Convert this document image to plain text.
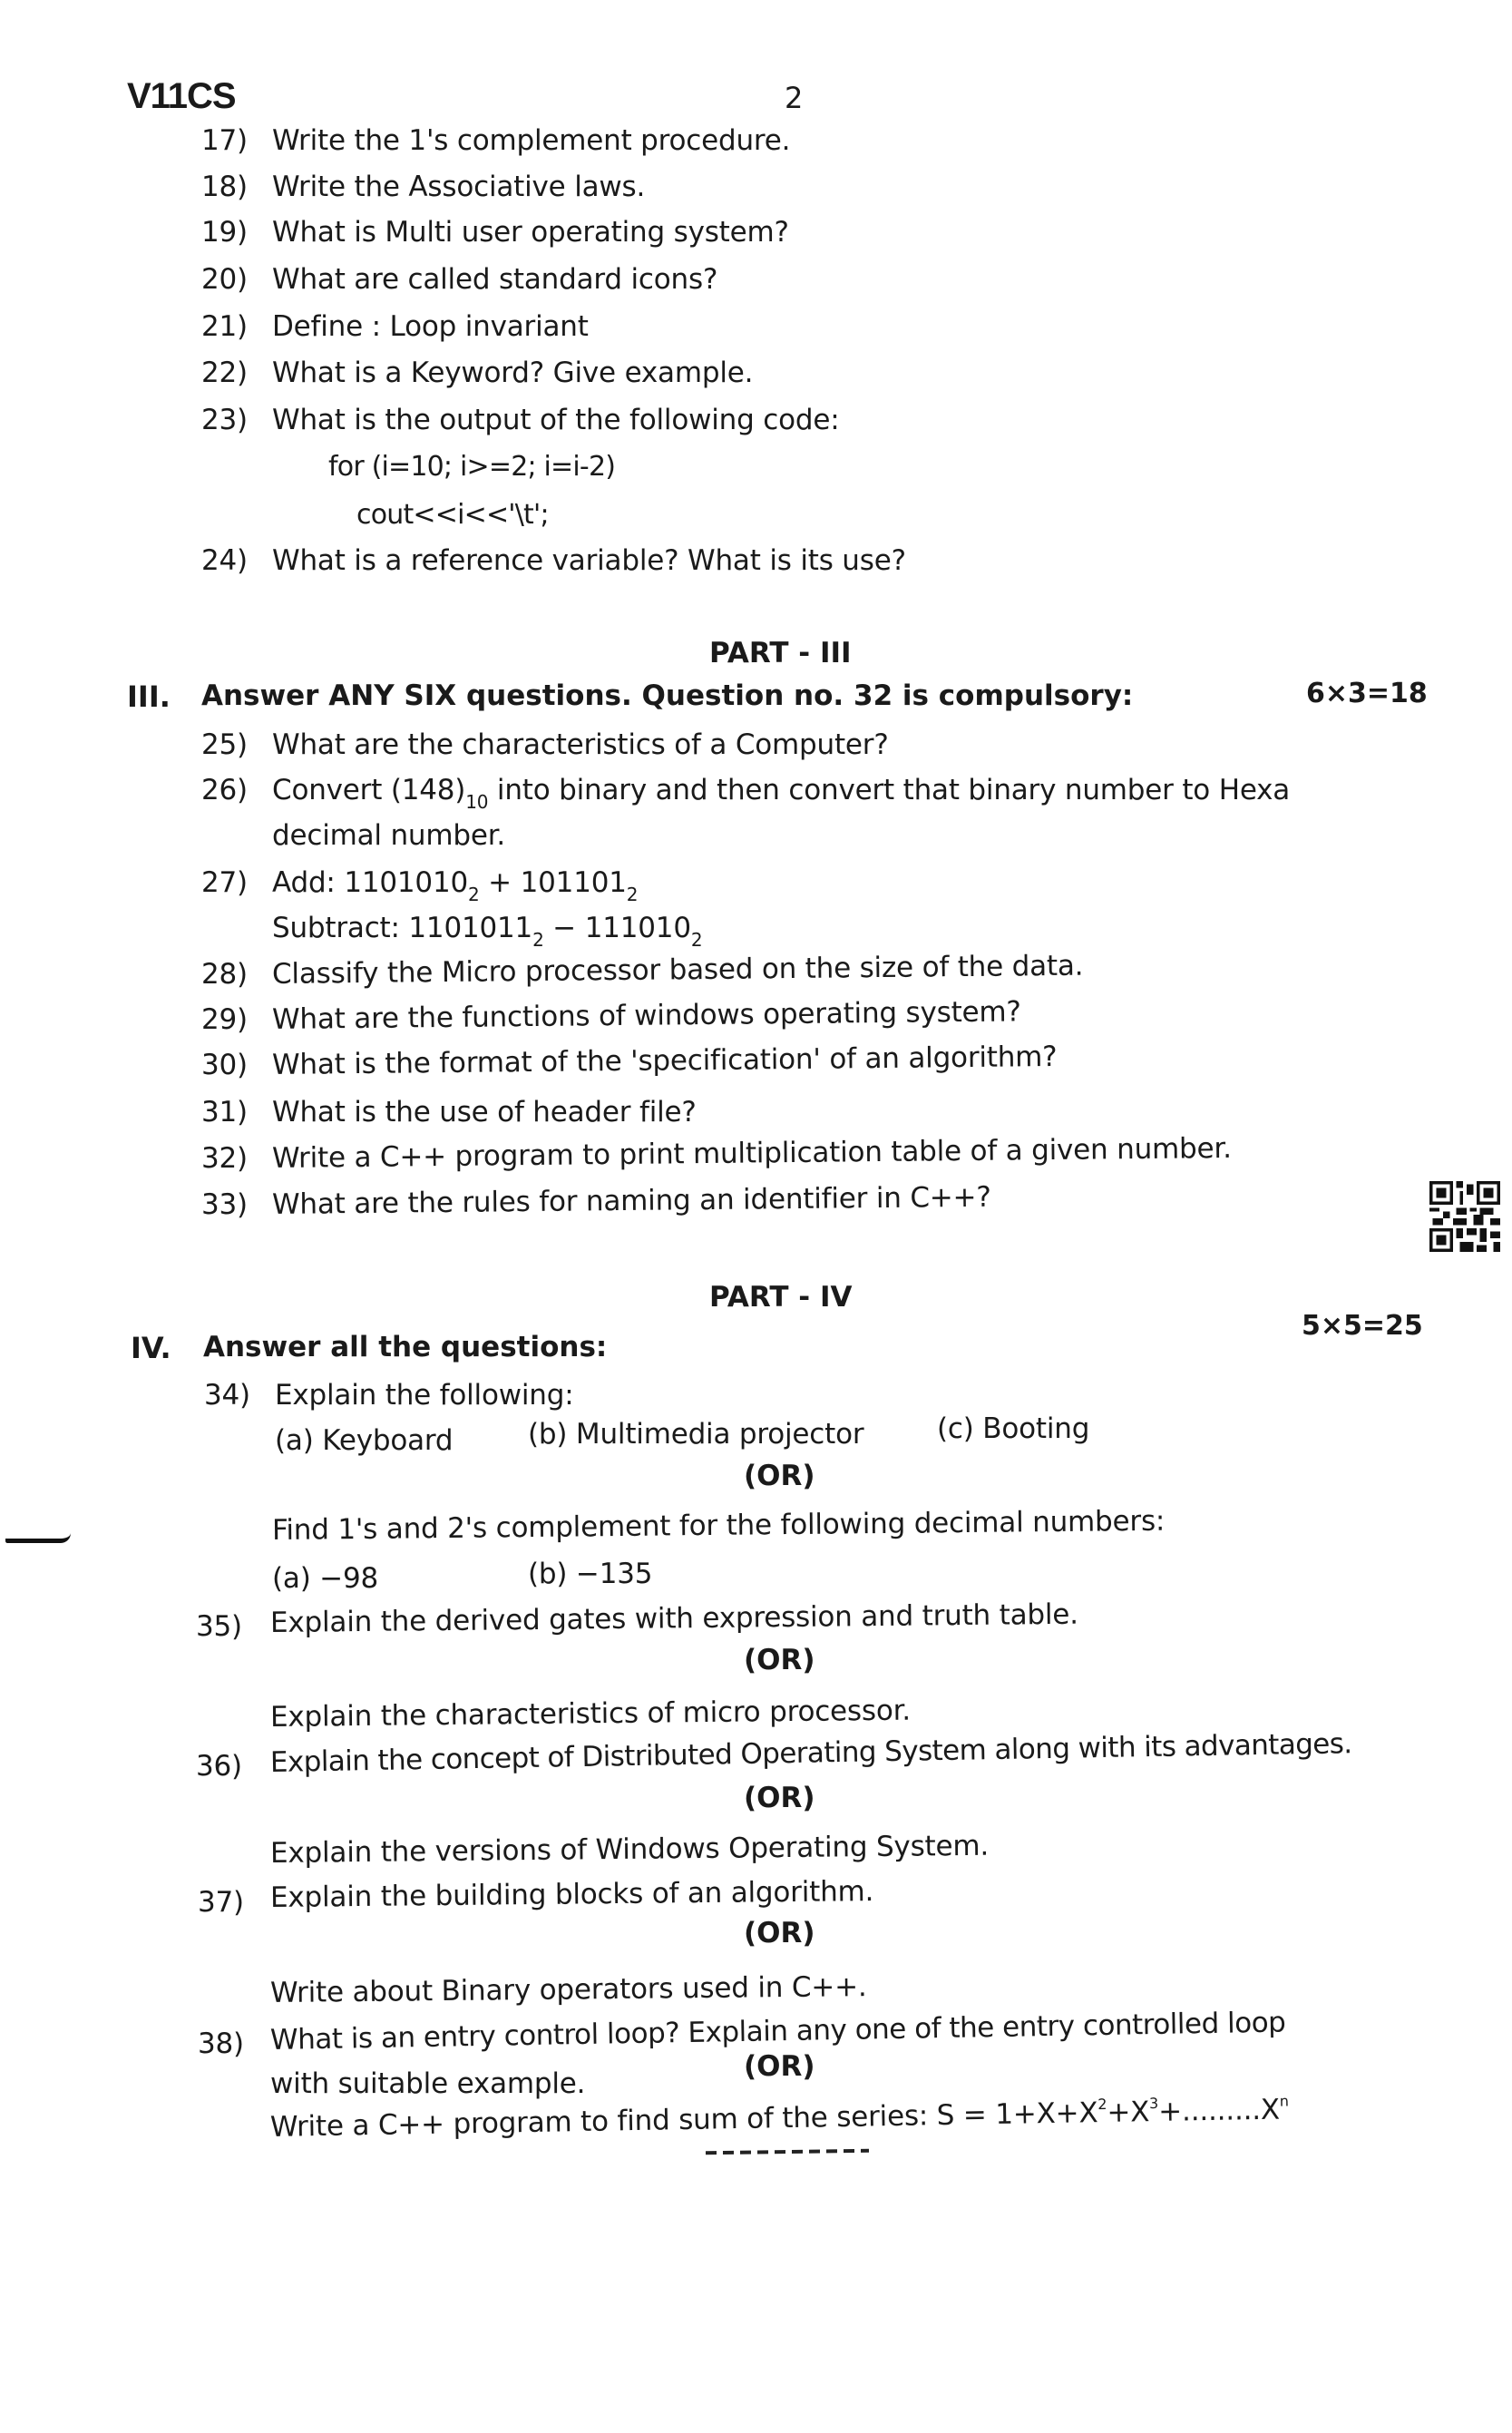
V11CS	2
17) Write the 1's complement procedure.
18) Write the Associative laws.
19) What is Multi user operating system?
20) What are called standard icons?
21) Define : Loop invariant
22) What is a Keyword? Give example.
23) What is the output of the following code:
for (i=10; i>=2; i=i-2)
cout<<i<<'\t';
24) What is a reference variable? What is its use?
PART - III
III. Answer ANY SIX questions. Question no. 32 is compulsory:	6×3=18
25) What are the characteristics of a Computer?
26) Convert $(148)_{10}$ into binary and then convert that binary number to Hexa
decimal number.
27) Add: $1101010_2 + 101101_2$
Subtract: $1101011_2 - 111010_2$
28) Classify the Micro processor based on the size of the data.
29) What are the functions of windows operating system?
30) What is the format of the 'specification' of an algorithm?
31) What is the use of header file?
32) Write a C++ program to print multiplication table of a given number.
33) What are the rules for naming an identifier in C++?
PART - IV
5×5=25
IV. Answer all the questions:
34) Explain the following:
(a) Keyboard	(b) Multimedia projector	(c) Booting
(OR)
Find 1's and 2's complement for the following decimal numbers:
(a) −98	(b) −135
35) Explain the derived gates with expression and truth table.
(OR)
Explain the characteristics of micro processor.
36) Explain the concept of Distributed Operating System along with its advantages.
(OR)
Explain the versions of Windows Operating System.
37) Explain the building blocks of an algorithm.
(OR)
Write about Binary operators used in C++.
38) What is an entry control loop? Explain any one of the entry controlled loop
with suitable example.
(OR)
Write a C++ program to find sum of the series: $S = 1+X+X^2+X^3+.........X^n$
